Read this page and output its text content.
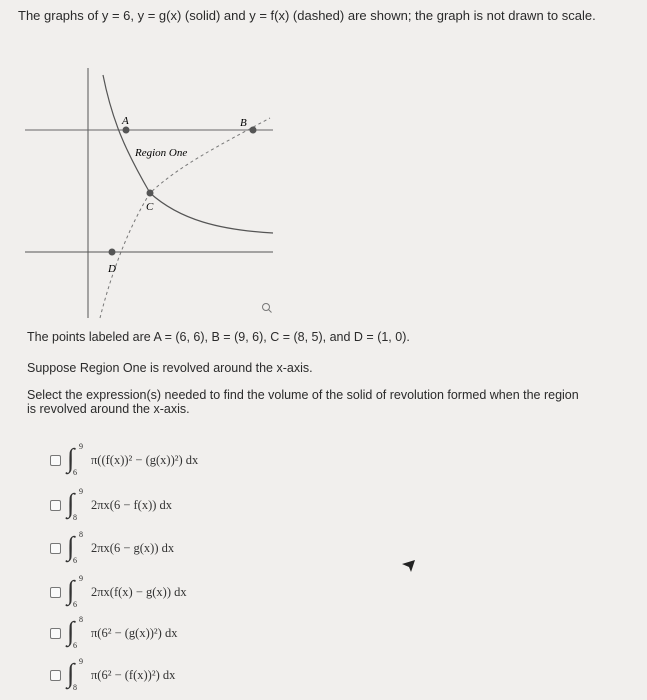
The graphs of y = 6, y = g(x) (solid) and y = f(x) (dashed) are shown; the graph is not drawn to scale.
A	B
C
D
Region One
The points labeled are A = (6, 6), B = (9, 6), C = (8, 5), and D = (1, 0).
Suppose Region One is revolved around the x-axis.
Select the expression(s) needed to find the volume of the solid of revolution formed when the region is revolved around the x-axis.
∫ 9
6
π((f(x))² − (g(x))²) dx
∫ 9
8
2πx(6 − f(x)) dx
∫ 8
6
2πx(6 − g(x)) dx
∫ 9
6
2πx(f(x) − g(x)) dx
∫ 8
6
π(6² − (g(x))²) dx
∫ 9
8
π(6² − (f(x))²) dx
